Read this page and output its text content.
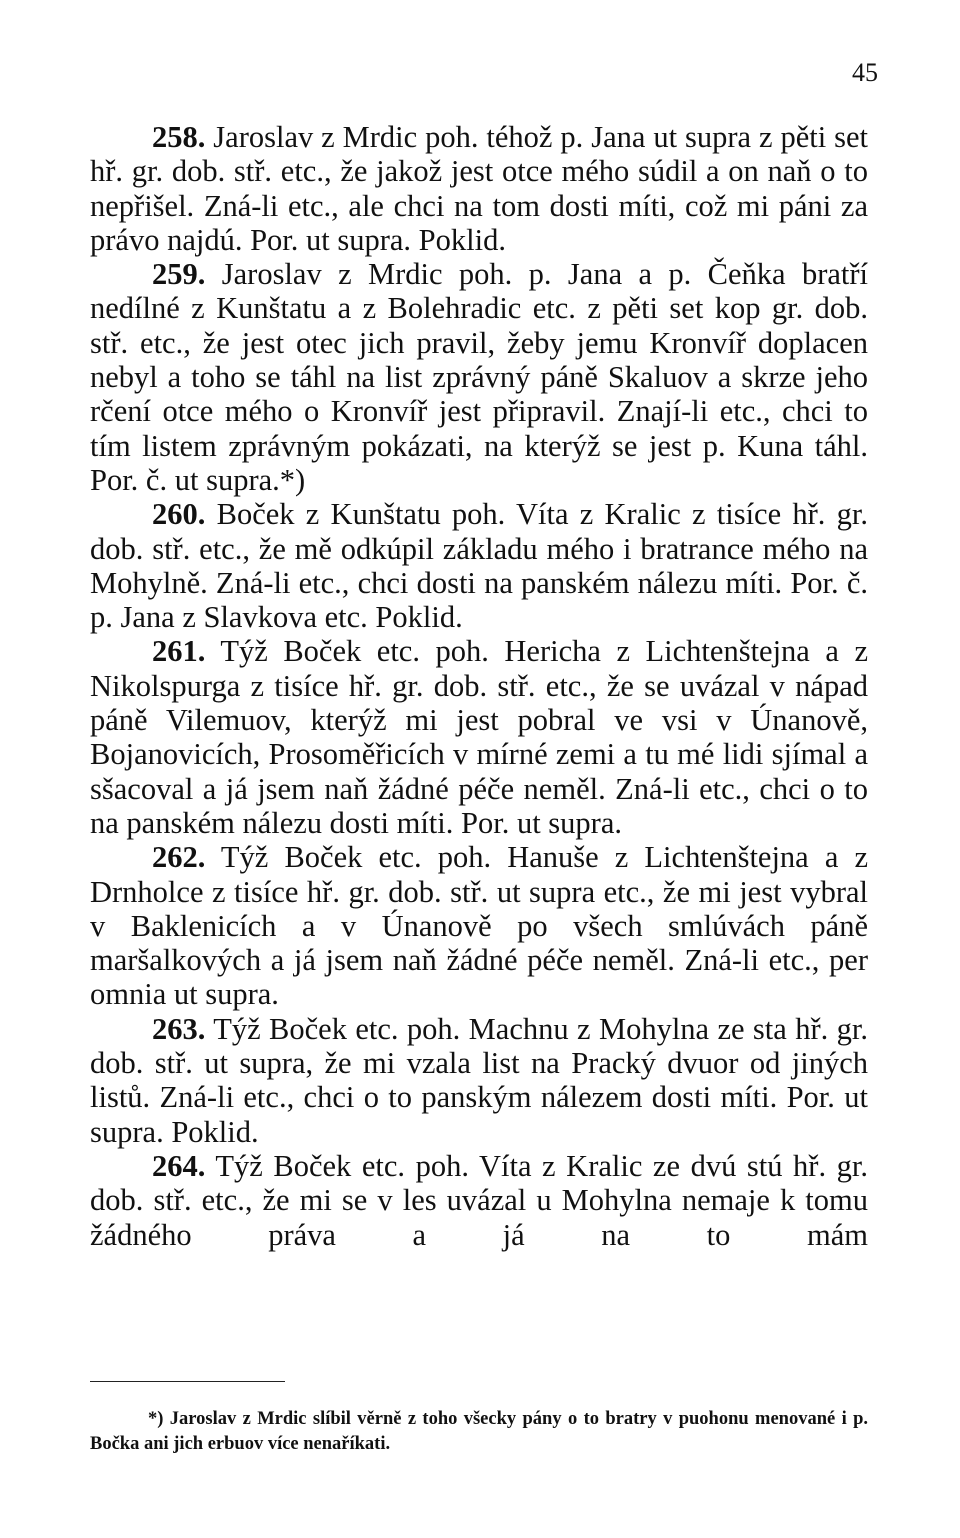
45

258. Jaroslav z Mrdic poh. téhož p. Jana ut supra z pěti set hř. gr. dob. stř. etc., že jakož jest otce mého súdil a on naň o to nepřišel. Zná-li etc., ale chci na tom dosti míti, což mi páni za právo najdú. Por. ut supra. Poklid.

259. Jaroslav z Mrdic poh. p. Jana a p. Čeňka bratří nedílné z Kunštatu a z Bolehradic etc. z pěti set kop gr. dob. stř. etc., že jest otec jich pravil, žeby jemu Kronvíř doplacen nebyl a toho se táhl na list zprávný páně Skaluov a skrze jeho rčení otce mého o Kronvíř jest připravil. Znají-li etc., chci to tím listem zprávným pokázati, na kterýž se jest p. Kuna táhl. Por. č. ut supra.*)

260. Boček z Kunštatu poh. Víta z Kralic z tisíce hř. gr. dob. stř. etc., že mě odkúpil základu mého i bratrance mého na Mohylně. Zná-li etc., chci dosti na panském nálezu míti. Por. č. p. Jana z Slavkova etc. Poklid.

261. Týž Boček etc. poh. Hericha z Lichtenštejna a z Nikolspurga z tisíce hř. gr. dob. stř. etc., že se uvázal v nápad páně Vilemuov, kterýž mi jest pobral ve vsi v Únanově, Bojanovicích, Prosoměřicích v mírné zemi a tu mé lidi sjímal a sšacoval a já jsem naň žádné péče neměl. Zná-li etc., chci o to na panském nálezu dosti míti. Por. ut supra.

262. Týž Boček etc. poh. Hanuše z Lichtenštejna a z Drnholce z tisíce hř. gr. dob. stř. ut supra etc., že mi jest vybral v Baklenicích a v Únanově po všech smlúvách páně maršalkových a já jsem naň žádné péče neměl. Zná-li etc., per omnia ut supra.

263. Týž Boček etc. poh. Machnu z Mohylna ze sta hř. gr. dob. stř. ut supra, že mi vzala list na Pracký dvuor od jiných listů. Zná-li etc., chci o to panským nálezem dosti míti. Por. ut supra. Poklid.

264. Týž Boček etc. poh. Víta z Kralic ze dvú stú hř. gr. dob. stř. etc., že mi se v les uvázal u Mohylna nemaje k tomu žádného práva a já na to mám

*) Jaroslav z Mrdic slíbil věrně z toho všecky pány o to bratry v puohonu menované i p. Bočka ani jich erbuov více nenaříkati.
